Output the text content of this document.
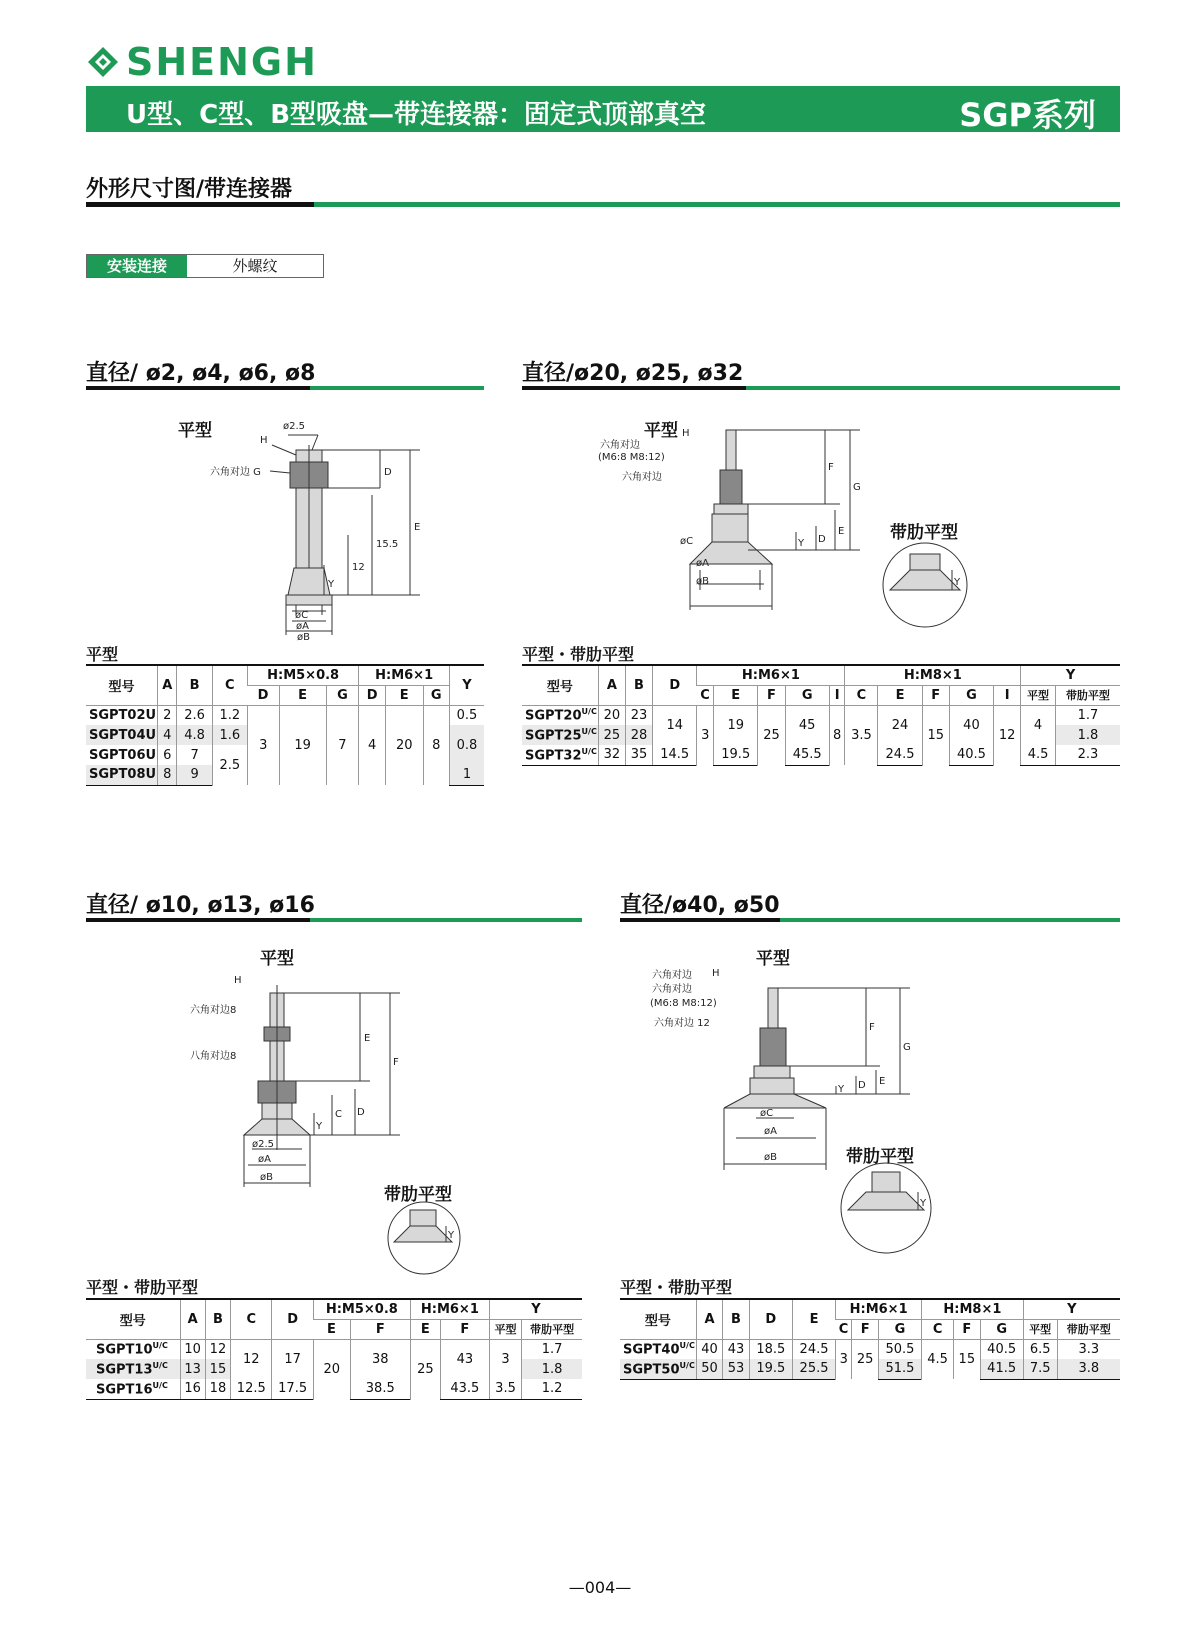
SHENGH
U型、C型、B型吸盘—带连接器：固定式顶部真空	SGP系列
外形尺寸图/带连接器
安装连接	外螺纹
直径/ ø2, ø4, ø6, ø8
平型	ø2.5
H
六角对边 G	D
E
15.5
12
Y
øC
øA
øB
平型
型号	A	B	C	H:M5×0.8			H:M6×1			Y
				D	E	G	D	E	G	
SGPT02U	2	2.6	1.2	3	19	7	4	20	8	0.5
SGPT04U	4	4.8	1.6							0.8
SGPT06U	6	7	2.5							
SGPT08U	8	9								1
直径/ø20, ø25, ø32
平型
带肋平型
H
六角对边
(M6:8 M8:12)
六角对边
F
G
D
E
Y
øC
øA
øB	Y
平型・带肋平型
型号	A	B	D	H:M6×1					H:M8×1					Y	
				C	E	F	G	I	C	E	F	G	I	平型	带肋平型
$SGPT20^{U/C}$	20	23	14	3	19	25	45	8	3.5	24	15	40	12	4	1.7
$SGPT25^{U/C}$	25	28													1.8
$SGPT32^{U/C}$	32	35	14.5		19.5		45.5			24.5		40.5		4.5	2.3
直径/ ø10, ø13, ø16
平型
带肋平型
H
六角对边8
八角对边8
E
F
D
C
Y
ø2.5
øA
øB
Y
平型・带肋平型
型号	A	B	C	D	H:M5×0.8		H:M6×1		Y	
					E	F	E	F	平型	带肋平型
$SGPT10^{U/C}$	10	12	12	17	20	38	25	43	3	1.7
$SGPT13^{U/C}$	13	15								1.8
$SGPT16^{U/C}$	16	18	12.5	17.5		38.5		43.5	3.5	1.2
直径/ø40, ø50
平型
带肋平型
六角对边 H
六角对边
(M6:8 M8:12)
六角对边 12	F
G
Y D E
øC
øA
øB
Y
平型・带肋平型
型号	A	B	D	E	H:M6×1			H:M8×1			Y	
					C	F	G	C	F	G	平型	带肋平型
$SGPT40^{U/C}$	40	43	18.5	24.5	3	25	50.5	4.5	15	40.5	6.5	3.3
$SGPT50^{U/C}$	50	53	19.5	25.5			51.5			41.5	7.5	3.8
—004—
